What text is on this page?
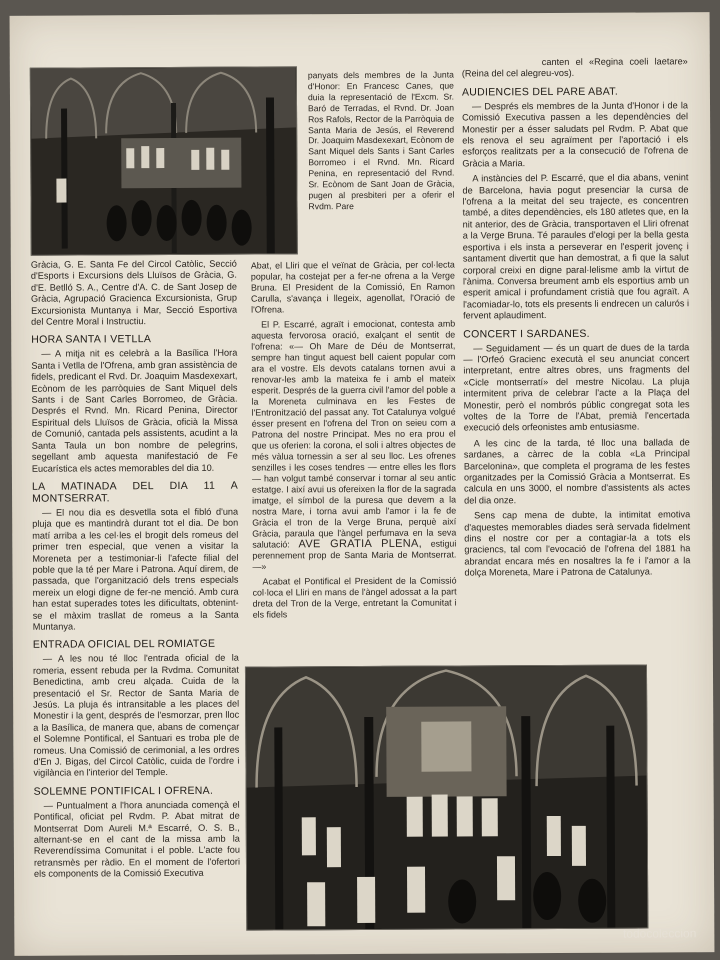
Gràcia, G. E. Santa Fe del Circol Catòlic, Secció d'Esports i Excursions dels Lluïsos de Gràcia, G. d'E. Betlló S. A., Centre d'A. C. de Sant Josep de Gràcia, Agrupació Gracienca Excursionista, Grup Excursionista Muntanya i Mar, Secció Esportiva del Centre Moral i Instructiu.

HORA SANTA I VETLLA

— A mitja nit es celebrà a la Basílica l'Hora Santa i Vetlla de l'Ofrena, amb gran assistència de fidels, predicant el Rvd. Dr. Joaquim Masdexexart, Ecònom de les parròquies de Sant Miquel dels Sants i de Sant Carles Borromeo, de Gràcia. Després el Rvnd. Mn. Ricard Penina, Director Espiritual dels Lluïsos de Gràcia, oficià la Missa de Comunió, cantada pels assistents, acudint a la Santa Taula un bon nombre de pelegrins, segellant amb aquesta manifestació de Fe Eucarística els actes memorables del dia 10.

LA MATINADA DEL DIA 11 A MONTSERRAT.

— El nou dia es desvetlla sota el fibló d'una pluja que es mantindrà durant tot el dia. De bon matí arriba a les cel·les el brogit dels romeus del primer tren especial, que venen a visitar la Moreneta per a testimoniar-li l'afecte filial del poble que la té per Mare i Patrona. Aquí direm, de passada, que l'organització dels trens especials mereix un elogi digne de fer-ne menció. Amb cura han estat superades totes les dificultats, obtenint-se el màxim trasllat de romeus a la Santa Muntanya.

ENTRADA OFICIAL DEL ROMIATGE

— A les nou té lloc l'entrada oficial de la romeria, essent rebuda per la Rvdma. Comunitat Benedictina, amb creu alçada. Cuida de la presentació el Sr. Rector de Santa Maria de Jesús. La pluja és intransitable a les places del Monestir i la gent, després de l'esmorzar, pren lloc a la Basílica, de manera que, abans de començar el Solemne Pontifical, el Santuari es troba ple de romeus. Una Comissió de cerimonial, a les ordres d'En J. Bigas, del Circol Catòlic, cuida de l'ordre i vigilància en l'interior del Temple.

SOLEMNE PONTIFICAL I OFRENA.

— Puntualment a l'hora anunciada començà el Pontifical, oficiat pel Rvdm. P. Abat mitrat de Montserrat Dom Aureli M.ª Escarré, O. S. B., alternant-se en el cant de la missa amb la Reverendíssima Comunitat i el poble. L'acte fou retransmès per ràdio. En el moment de l'ofertori els components de la Comissió Executiva

panyats dels membres de la Junta d'Honor: En Francesc Canes, que duia la representació de l'Excm. Sr. Baró de Terradas, el Rvnd. Dr. Joan Ros Rafols, Rector de la Parròquia de Santa Maria de Jesús, el Reverend Dr. Joaquim Masdexexart, Ecònom de Sant Miquel dels Sants i Sant Carles Borromeo i el Rvnd. Mn. Ricard Penina, en representació del Rvnd. Sr. Ecònom de Sant Joan de Gràcia, pugen al presbiteri per a oferir el Rvdm. Pare

Abat, el Lliri que el veïnat de Gràcia, per col·lecta popular, ha costejat per a fer-ne ofrena a la Verge Bruna. El President de la Comissió, En Ramon Carulla, s'avança i llegeix, agenollat, l'Oració de l'Ofrena.

El P. Escarré, agraït i emocionat, contesta amb aquesta fervorosa oració, exalçant el sentit de l'ofrena: «— Oh Mare de Déu de Montserrat, sempre han tingut aquest bell caient popular com ara el vostre. Els devots catalans tornen avui a renovar-les amb la mateixa fe i amb el mateix esperit. Després de la guerra civil l'amor del poble a la Moreneta culminava en les Festes de l'Entronització del passat any. Tot Catalunya volgué ésser present en l'ofrena del Tron on seieu com a Patrona del nostre Principat. Mes no era prou el que us oferien: la corona, el soli i altres objectes de més vàlua tornessin a ser al seu lloc. Les ofrenes senzilles i les coses tendres — entre elles les flors — han volgut també conservar i tornar al seu antic estatge. I així avui us ofereixen la flor de la sagrada imatge, el símbol de la puresa que devem a la nostra Mare, i torna avui amb l'amor i la fe de Gràcia el tron de la Verge Bruna, perquè així Gràcia, paraula que l'àngel perfumava en la seva salutació: AVE GRATIA PLENA, estigui perennement prop de Santa Maria de Montserrat. —»

Acabat el Pontifical el President de la Comissió col·loca el Lliri en mans de l'àngel adossat a la part dreta del Tron de la Verge, entretant la Comunitat i els fidels

canten el «Regina coeli laetare» (Reina del cel alegreu-vos).

AUDIENCIES DEL PARE ABAT.

— Després els membres de la Junta d'Honor i de la Comissió Executiva passen a les dependències del Monestir per a ésser saludats pel Rvdm. P. Abat que els renova el seu agraïment per l'aportació i els esforços realitzats per a la consecució de l'ofrena de Gràcia a Maria.

A instàncies del P. Escarré, que el dia abans, venint de Barcelona, havia pogut presenciar la cursa de l'ofrena a la meitat del seu trajecte, es concentren també, a dites dependències, els 180 atletes que, en la nit anterior, des de Gràcia, transportaven el Lliri ofrenat a la Verge Bruna. Té paraules d'elogi per la bella gesta esportiva i els insta a perseverar en l'esperit jovenç i santament divertit que han demostrat, a fi que la salut corporal creixi en digne paral·lelisme amb la virtut de l'ànima. Conversa breument amb els esportius amb un esperit amical i profundament cristià que fou agraït. A l'acomiadar-lo, tots els presents li endrecen un calurós i fervent aplaudiment.

CONCERT I SARDANES.

— Seguidament — és un quart de dues de la tarda — l'Orfeó Gracienc executà el seu anunciat concert interpretant, entre altres obres, uns fragments del «Cicle montserratí» del mestre Nicolau. La pluja intermitent priva de celebrar l'acte a la Plaça del Monestir, però el nombrós públic congregat sota les voltes de la Torre de l'Abat, premià l'encertada execució dels orfeonistes amb entusiasme.

A les cinc de la tarda, té lloc una ballada de sardanes, a càrrec de la cobla «La Principal Barcelonina», que completa el programa de les festes organitzades per la Comissió Gràcia a Montserrat. Es calcula en uns 3000, el nombre d'assistents als actes del dia onze.

Sens cap mena de dubte, la intimitat emotiva d'aquestes memorables diades serà servada fidelment dins el nostre cor per a contagiar-la a tots els graciencs, tal com l'evocació de l'ofrena del 1881 ha abrandat encara més en nosaltres la fe i l'amor a la dolça Moreneta, Mare i Patrona de Catalunya.

todocoleccion
